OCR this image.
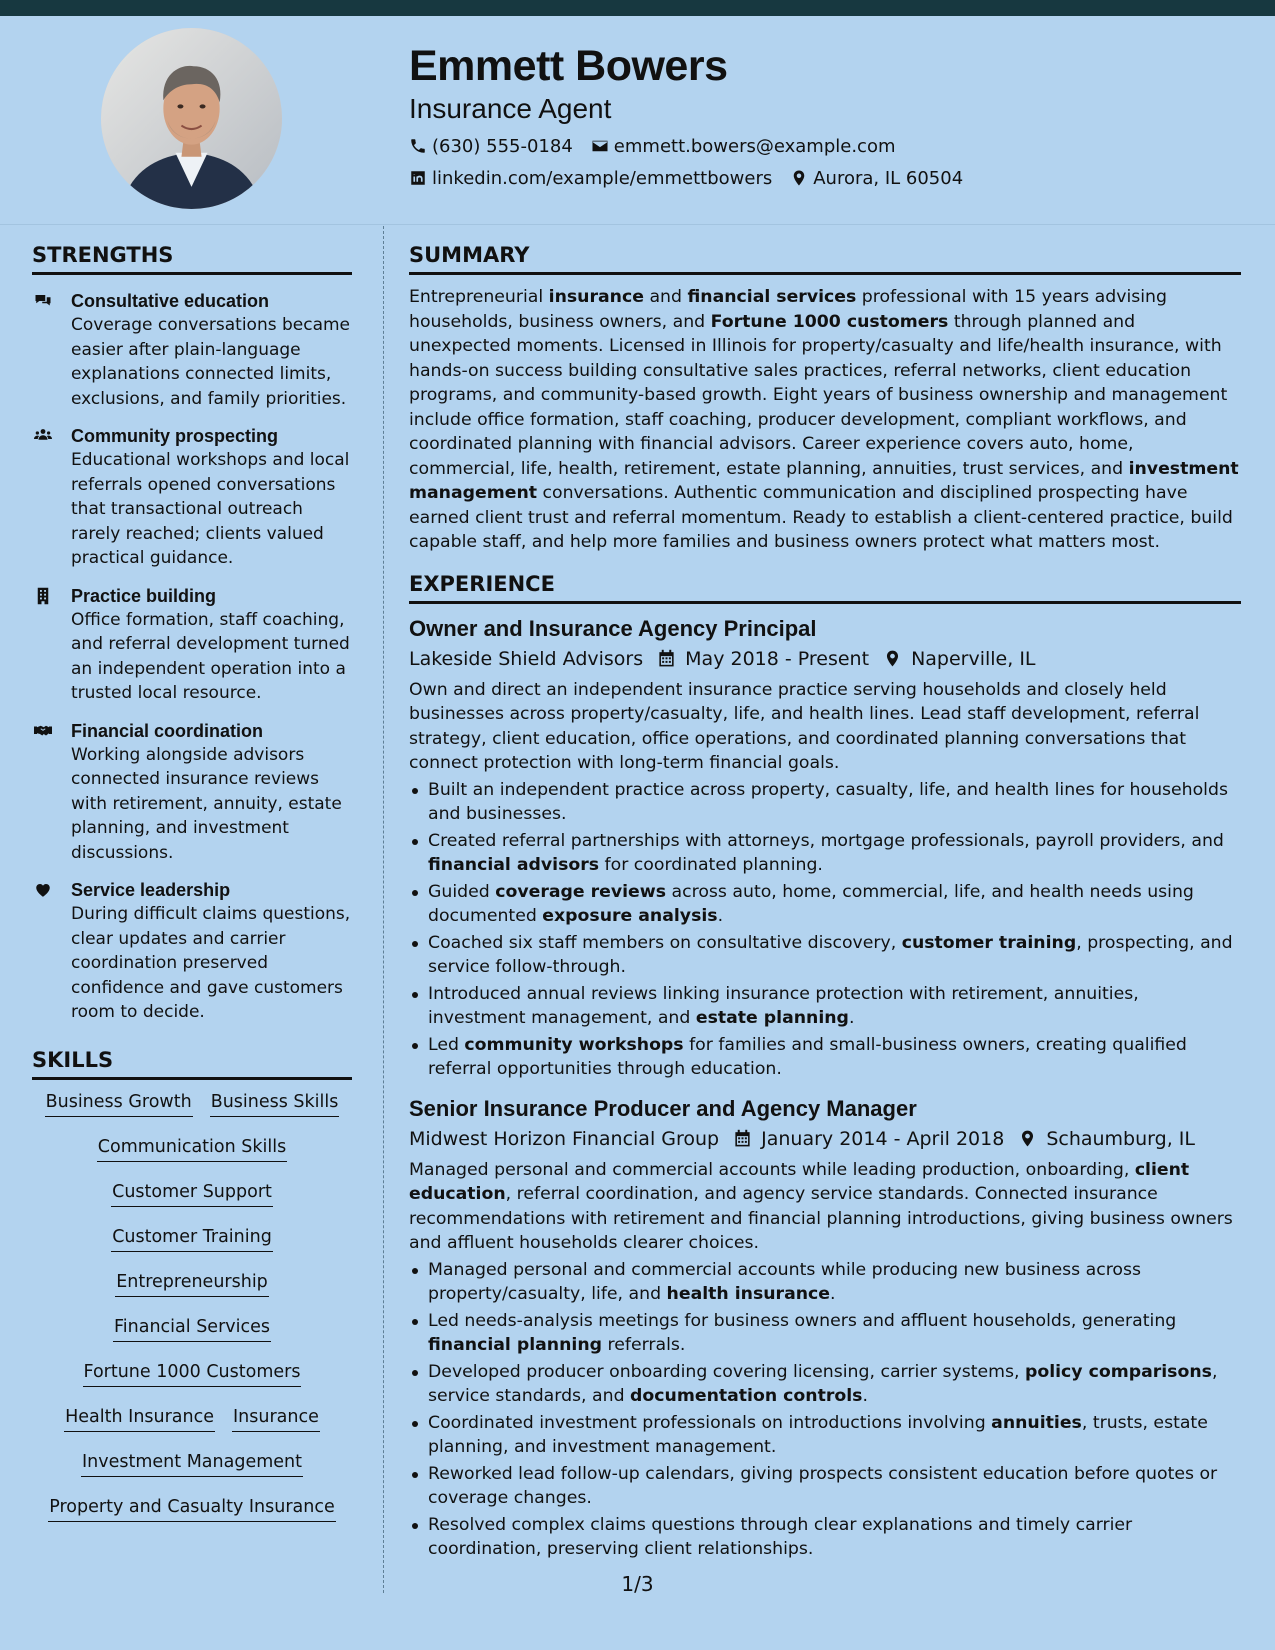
Emmett Bowers
Insurance Agent
(630) 555-0184 emmett.bowers@example.com
linkedin.com/example/emmettbowers Aurora, IL 60504
STRENGTHS
Consultative education
Coverage conversations became easier after plain-language explanations connected limits, exclusions, and family priorities.
Community prospecting
Educational workshops and local referrals opened conversations that transactional outreach rarely reached; clients valued practical guidance.
Practice building
Office formation, staff coaching, and referral development turned an independent operation into a trusted local resource.
Financial coordination
Working alongside advisors connected insurance reviews with retirement, annuity, estate planning, and investment discussions.
Service leadership
During difficult claims questions, clear updates and carrier coordination preserved confidence and gave customers room to decide.
SKILLS
Business Growth Business Skills
Communication Skills
Customer Support
Customer Training
Entrepreneurship
Financial Services
Fortune 1000 Customers
Health Insurance Insurance
Investment Management
Property and Casualty Insurance
SUMMARY

Entrepreneurial insurance and financial services professional with 15 years advising households, business owners, and Fortune 1000 customers through planned and unexpected moments. Licensed in Illinois for property/casualty and life/health insurance, with hands-on success building consultative sales practices, referral networks, client education programs, and community-based growth. Eight years of business ownership and management include office formation, staff coaching, producer development, compliant workflows, and coordinated planning with financial advisors. Career experience covers auto, home, commercial, life, health, retirement, estate planning, annuities, trust services, and investment management conversations. Authentic communication and disciplined prospecting have earned client trust and referral momentum. Ready to establish a client-centered practice, build capable staff, and help more families and business owners protect what matters most.

EXPERIENCE
Owner and Insurance Agency Principal
Lakeside Shield Advisors	May 2018 - Present	Naperville, IL

Own and direct an independent insurance practice serving households and closely held businesses across property/casualty, life, and health lines. Lead staff development, referral strategy, client education, office operations, and coordinated planning conversations that connect protection with long-term financial goals.

Built an independent practice across property, casualty, life, and health lines for households and businesses.
Created referral partnerships with attorneys, mortgage professionals, payroll providers, and financial advisors for coordinated planning.
Guided coverage reviews across auto, home, commercial, life, and health needs using documented exposure analysis.
Coached six staff members on consultative discovery, customer training, prospecting, and service follow-through.
Introduced annual reviews linking insurance protection with retirement, annuities, investment management, and estate planning.
Led community workshops for families and small-business owners, creating qualified referral opportunities through education.
Senior Insurance Producer and Agency Manager
Midwest Horizon Financial Group	January 2014 - April 2018	Schaumburg, IL

Managed personal and commercial accounts while leading production, onboarding, client education, referral coordination, and agency service standards. Connected insurance recommendations with retirement and financial planning introductions, giving business owners and affluent households clearer choices.

Managed personal and commercial accounts while producing new business across property/casualty, life, and health insurance.
Led needs-analysis meetings for business owners and affluent households, generating financial planning referrals.
Developed producer onboarding covering licensing, carrier systems, policy comparisons, service standards, and documentation controls.
Coordinated investment professionals on introductions involving annuities, trusts, estate planning, and investment management.
Reworked lead follow-up calendars, giving prospects consistent education before quotes or coverage changes.
Resolved complex claims questions through clear explanations and timely carrier coordination, preserving client relationships.
1/3
